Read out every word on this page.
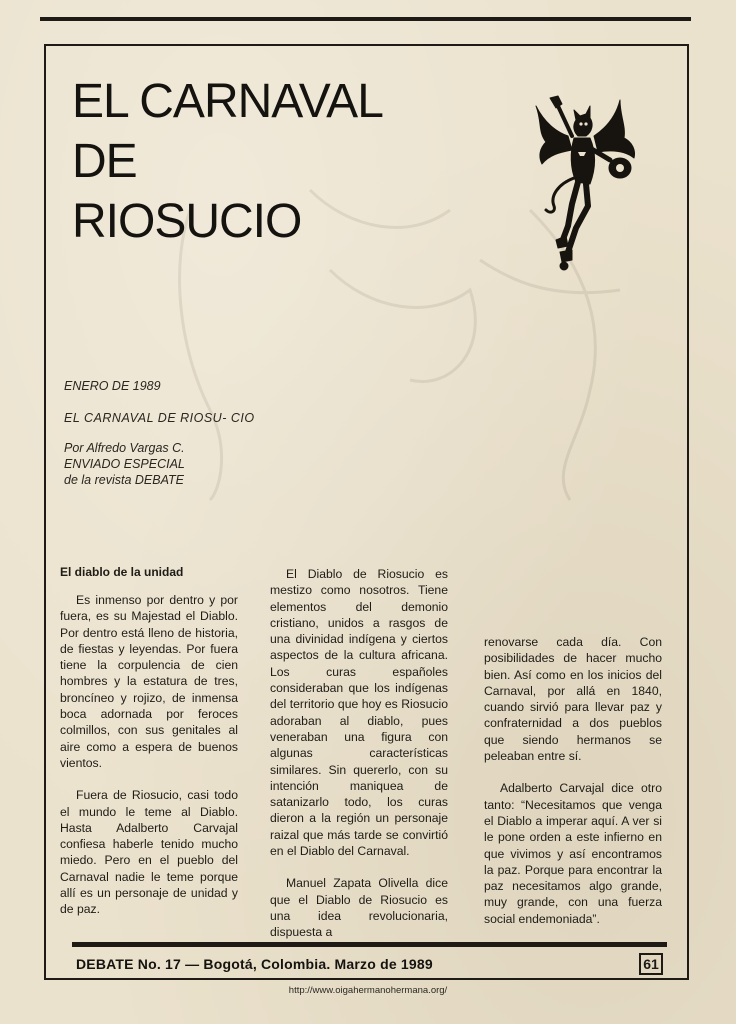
EL CARNAVAL
DE
RIOSUCIO

ENERO DE 1989

EL CARNAVAL DE RIOSU- CIO

Por Alfredo Vargas C.

ENVIADO ESPECIAL

de la revista DEBATE

El diablo de la unidad

Es inmenso por dentro y por fuera, es su Majestad el Diablo. Por dentro está lleno de historia, de fiestas y leyendas. Por fuera tiene la corpulencia de cien hombres y la estatura de tres, broncíneo y rojizo, de inmensa boca adornada por feroces colmillos, con sus genitales al aire como a espera de buenos vientos.

Fuera de Riosucio, casi todo el mundo le teme al Diablo. Hasta Adalberto Carvajal confiesa haberle tenido mucho miedo. Pero en el pueblo del Carnaval nadie le teme porque allí es un personaje de unidad y de paz.

El Diablo de Riosucio es mestizo como nosotros. Tiene elementos del demonio cristiano, unidos a rasgos de una divinidad indígena y ciertos aspectos de la cultura africana. Los curas españoles consideraban que los indígenas del territorio que hoy es Riosucio adoraban al diablo, pues veneraban una figura con algunas características similares. Sin quererlo, con su intención maniquea de satanizarlo todo, los curas dieron a la región un personaje raizal que más tarde se convirtió en el Diablo del Carnaval.

Manuel Zapata Olivella dice que el Diablo de Riosucio es una idea revolucionaria, dispuesta a

renovarse cada día. Con posibilidades de hacer mucho bien. Así como en los inicios del Carnaval, por allá en 1840, cuando sirvió para llevar paz y confraternidad a dos pueblos que siendo hermanos se peleaban entre sí.

Adalberto Carvajal dice otro tanto: “Necesitamos que venga el Diablo a imperar aquí. A ver si le pone orden a este infierno en que vivimos y así encontramos la paz. Porque para encontrar la paz necesitamos algo grande, muy grande, con una fuerza social endemoniada”.

DEBATE No. 17 — Bogotá, Colombia. Marzo de 1989	61
http://www.oigahermanohermana.org/
